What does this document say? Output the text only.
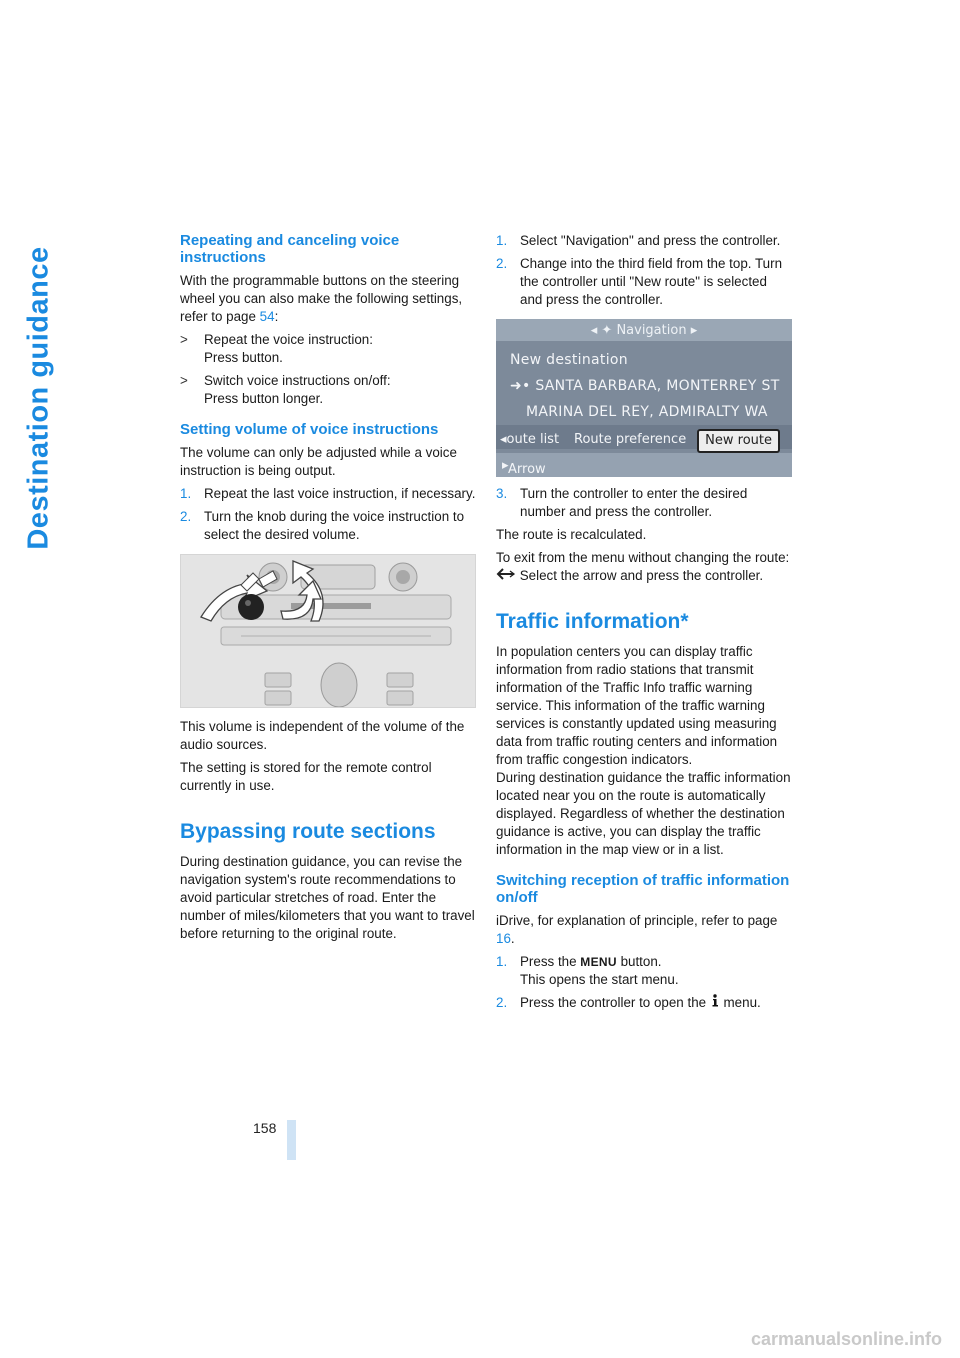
Destination guidance
Repeating and canceling voice instructions

With the programmable buttons on the steering wheel you can also make the following settings, refer to page 54:

> Repeat the voice instruction:
Press button.
> Switch voice instructions on/off:
Press button longer.
Setting volume of voice instructions

The volume can only be adjusted while a voice instruction is being output.

1. Repeat the last voice instruction, if necessary.
2. Turn the knob during the voice instruction to select the desired volume.

This volume is independent of the volume of the audio sources.

The setting is stored for the remote control currently in use.

Bypassing route sections

During destination guidance, you can revise the navigation system's route recommendations to avoid particular stretches of road. Enter the number of miles/kilometers that you want to travel before returning to the original route.

1. Select "Navigation" and press the controller.
2. Change into the third field from the top. Turn the controller until "New route" is selected and press the controller.
◂ ✦ Navigation ▸
New destination
➜• SANTA BARBARA, MONTERREY ST
MARINA DEL REY, ADMIRALTY WA
◂oute list Route preference	New route
Arrow
▸
3. Turn the controller to enter the desired number and press the controller.

The route is recalculated.

To exit from the menu without changing the route:

Select the arrow and press the controller.

Traffic information*

In population centers you can display traffic information from radio stations that transmit information of the Traffic Info traffic warning service. This information of the traffic warning services is constantly updated using measuring data from traffic routing centers and information from traffic congestion indicators.

During destination guidance the traffic information located near you on the route is automatically displayed. Regardless of whether the destination guidance is active, you can display the traffic information in the map view or in a list.

Switching reception of traffic information on/off

iDrive, for explanation of principle, refer to page 16.

1. Press the MENU button.
This opens the start menu.
2. Press the controller to open the  menu.
158
carmanualsonline.info
